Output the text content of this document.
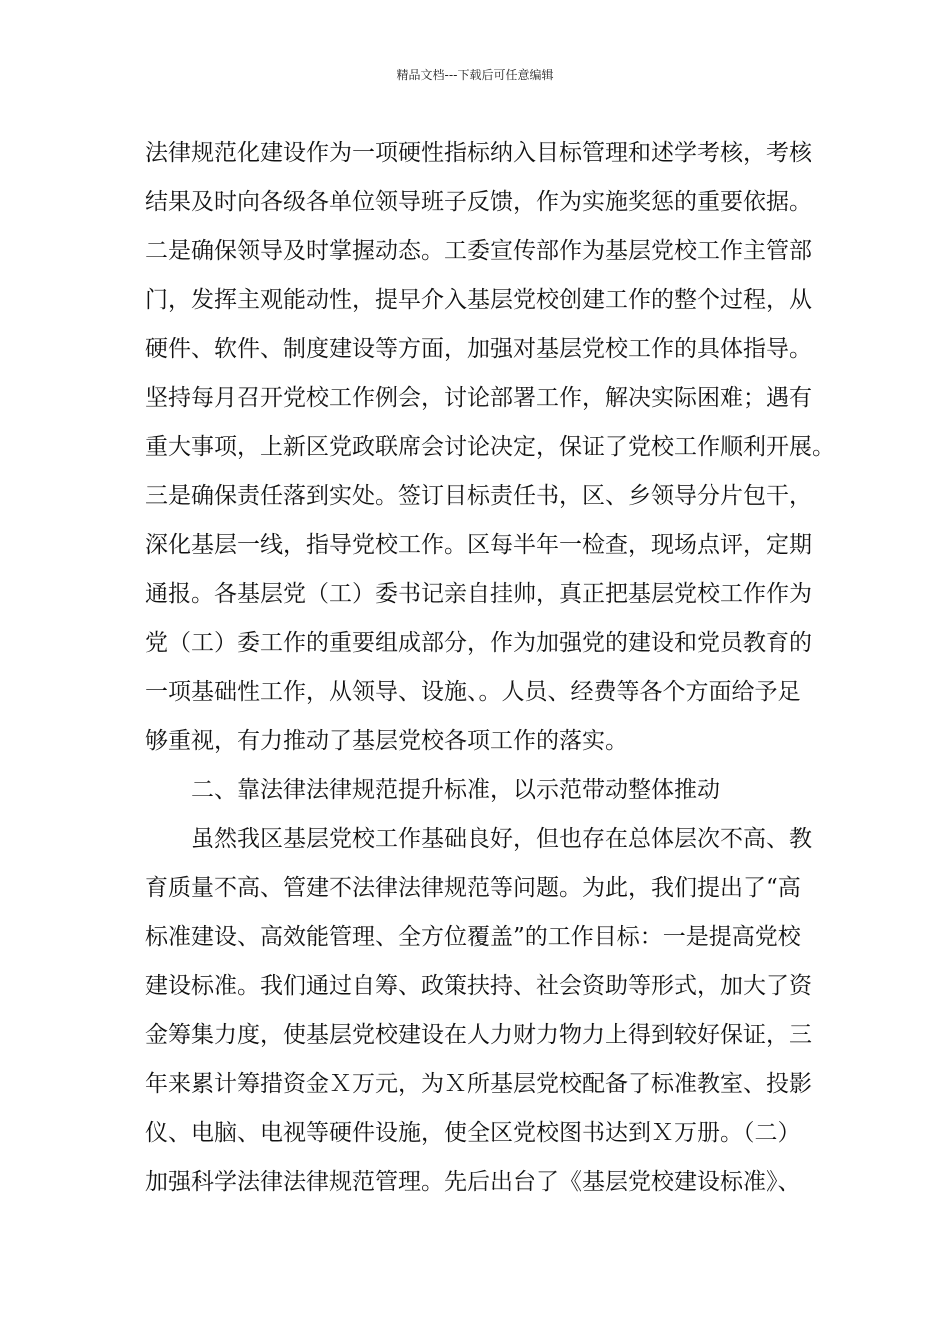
精品文档---下载后可任意编辑
法律规范化建设作为一项硬性指标纳入目标管理和述学考核，考核
结果及时向各级各单位领导班子反馈，作为实施奖惩的重要依据。
二是确保领导及时掌握动态。工委宣传部作为基层党校工作主管部
门，发挥主观能动性，提早介入基层党校创建工作的整个过程，从
硬件、软件、制度建设等方面，加强对基层党校工作的具体指导。
坚持每月召开党校工作例会，讨论部署工作，解决实际困难；遇有
重大事项，上新区党政联席会讨论决定，保证了党校工作顺利开展。
三是确保责任落到实处。签订目标责任书，区、乡领导分片包干，
深化基层一线，指导党校工作。区每半年一检查，现场点评，定期
通报。各基层党（工）委书记亲自挂帅，真正把基层党校工作作为
党（工）委工作的重要组成部分，作为加强党的建设和党员教育的
一项基础性工作，从领导、设施、。人员、经费等各个方面给予足
够重视，有力推动了基层党校各项工作的落实。
二、靠法律法律规范提升标准，以示范带动整体推动
虽然我区基层党校工作基础良好，但也存在总体层次不高、教
育质量不高、管建不法律法律规范等问题。为此，我们提出了“高
标准建设、高效能管理、全方位覆盖”的工作目标：一是提高党校
建设标准。我们通过自筹、政策扶持、社会资助等形式，加大了资
金筹集力度，使基层党校建设在人力财力物力上得到较好保证，三
年来累计筹措资金Ｘ万元，为Ｘ所基层党校配备了标准教室、投影
仪、电脑、电视等硬件设施，使全区党校图书达到Ｘ万册。（二）
加强科学法律法律规范管理。先后出台了《基层党校建设标准》、
